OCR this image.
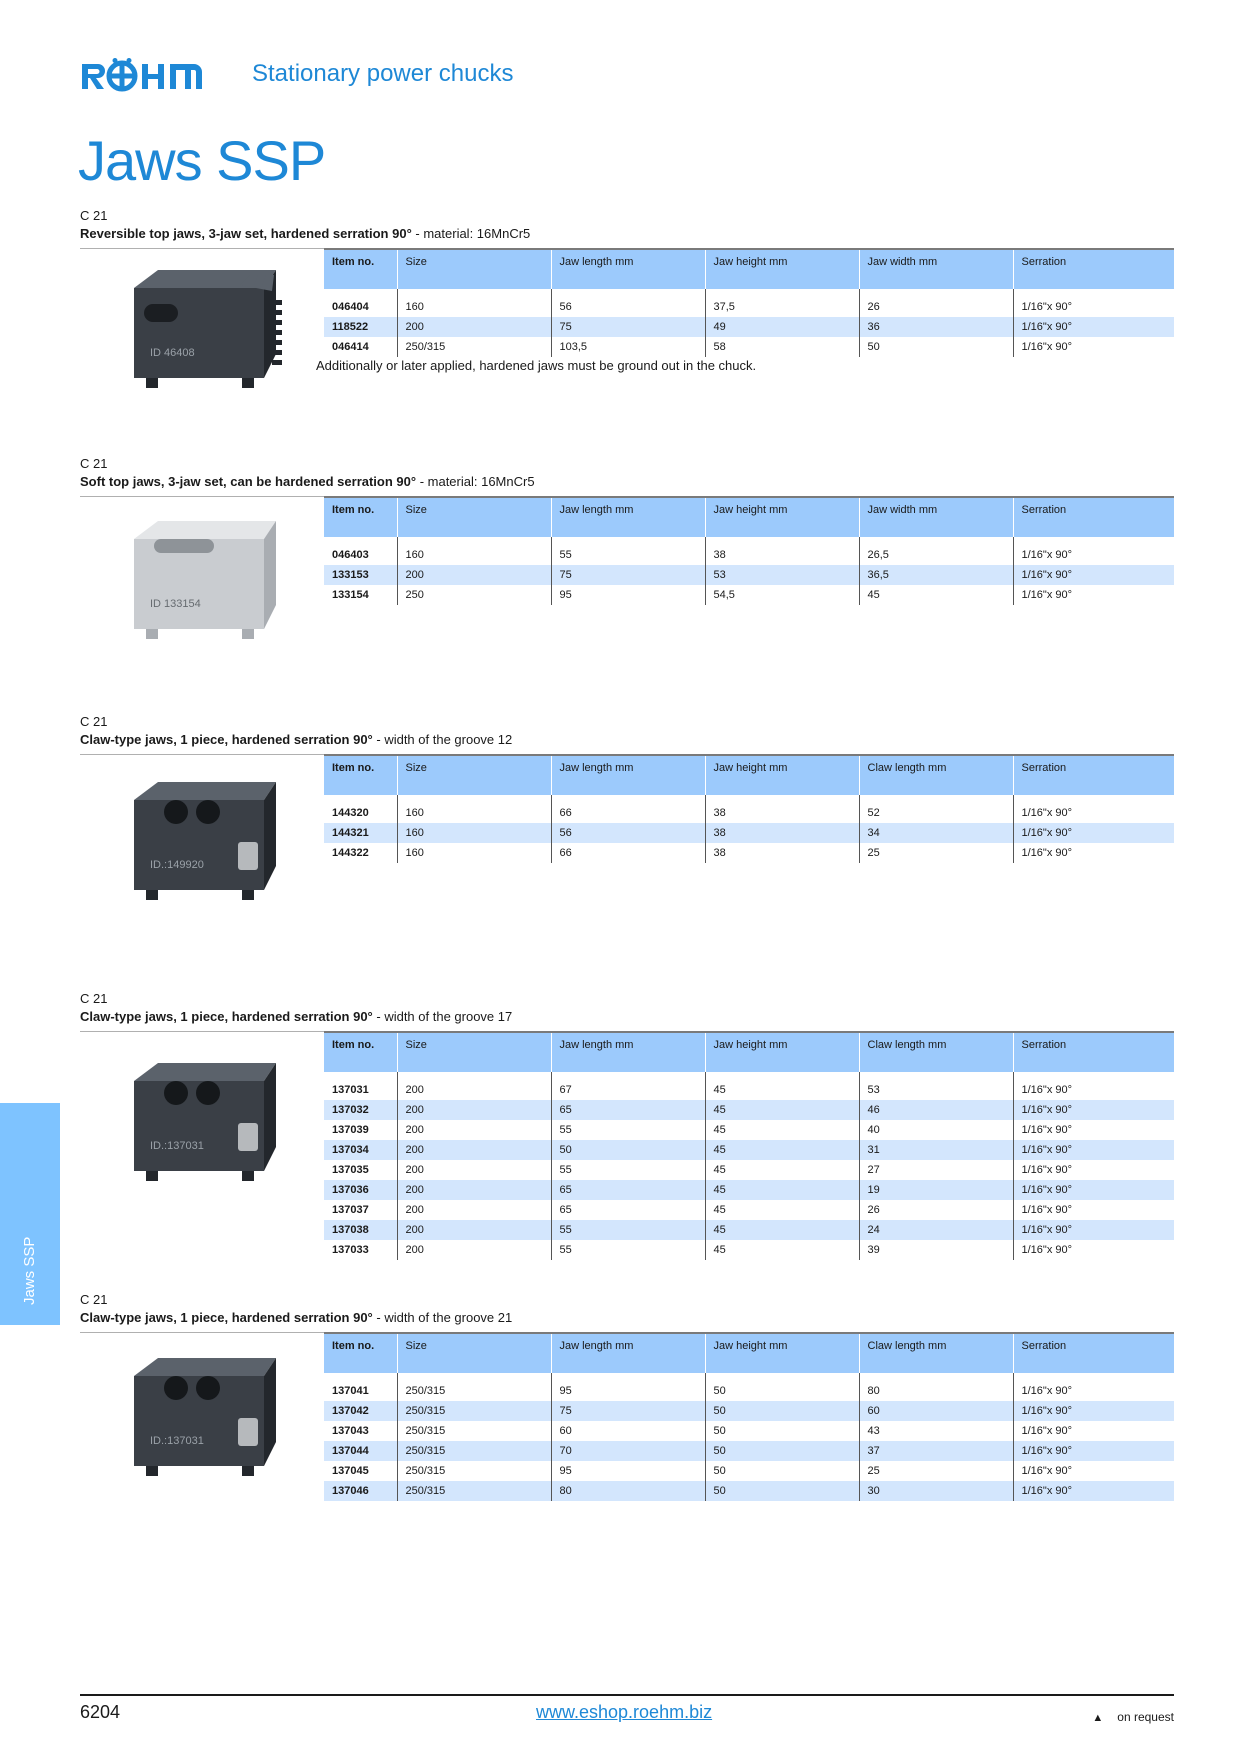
RÖHM
Stationary power chucks
Jaws SSP
Jaws SSP
C 21
Reversible top jaws, 3-jaw set, hardened serration 90° - material: 16MnCr5
ID 46408
Item no.	Size	Jaw length mm	Jaw height mm	Jaw width mm	Serration
046404	160	56	37,5	26	1/16"x 90°
118522	200	75	49	36	1/16"x 90°
046414	250/315	103,5	58	50	1/16"x 90°
Additionally or later applied, hardened jaws must be ground out in the chuck.
C 21
Soft top jaws, 3-jaw set, can be hardened serration 90° - material: 16MnCr5
ID 133154
Item no.	Size	Jaw length mm	Jaw height mm	Jaw width mm	Serration
046403	160	55	38	26,5	1/16"x 90°
133153	200	75	53	36,5	1/16"x 90°
133154	250	95	54,5	45	1/16"x 90°
C 21
Claw-type jaws, 1 piece, hardened serration 90° - width of the groove 12
ID.:149920
Item no.	Size	Jaw length mm	Jaw height mm	Claw length mm	Serration
144320	160	66	38	52	1/16"x 90°
144321	160	56	38	34	1/16"x 90°
144322	160	66	38	25	1/16"x 90°
C 21
Claw-type jaws, 1 piece, hardened serration 90° - width of the groove 17
ID.:137031
Item no.	Size	Jaw length mm	Jaw height mm	Claw length mm	Serration
137031	200	67	45	53	1/16"x 90°
137032	200	65	45	46	1/16"x 90°
137039	200	55	45	40	1/16"x 90°
137034	200	50	45	31	1/16"x 90°
137035	200	55	45	27	1/16"x 90°
137036	200	65	45	19	1/16"x 90°
137037	200	65	45	26	1/16"x 90°
137038	200	55	45	24	1/16"x 90°
137033	200	55	45	39	1/16"x 90°
C 21
Claw-type jaws, 1 piece, hardened serration 90° - width of the groove 21
ID.:137031
Item no.	Size	Jaw length mm	Jaw height mm	Claw length mm	Serration
137041	250/315	95	50	80	1/16"x 90°
137042	250/315	75	50	60	1/16"x 90°
137043	250/315	60	50	43	1/16"x 90°
137044	250/315	70	50	37	1/16"x 90°
137045	250/315	95	50	25	1/16"x 90°
137046	250/315	80	50	30	1/16"x 90°
6204	www.eshop.roehm.biz	▲ on request
